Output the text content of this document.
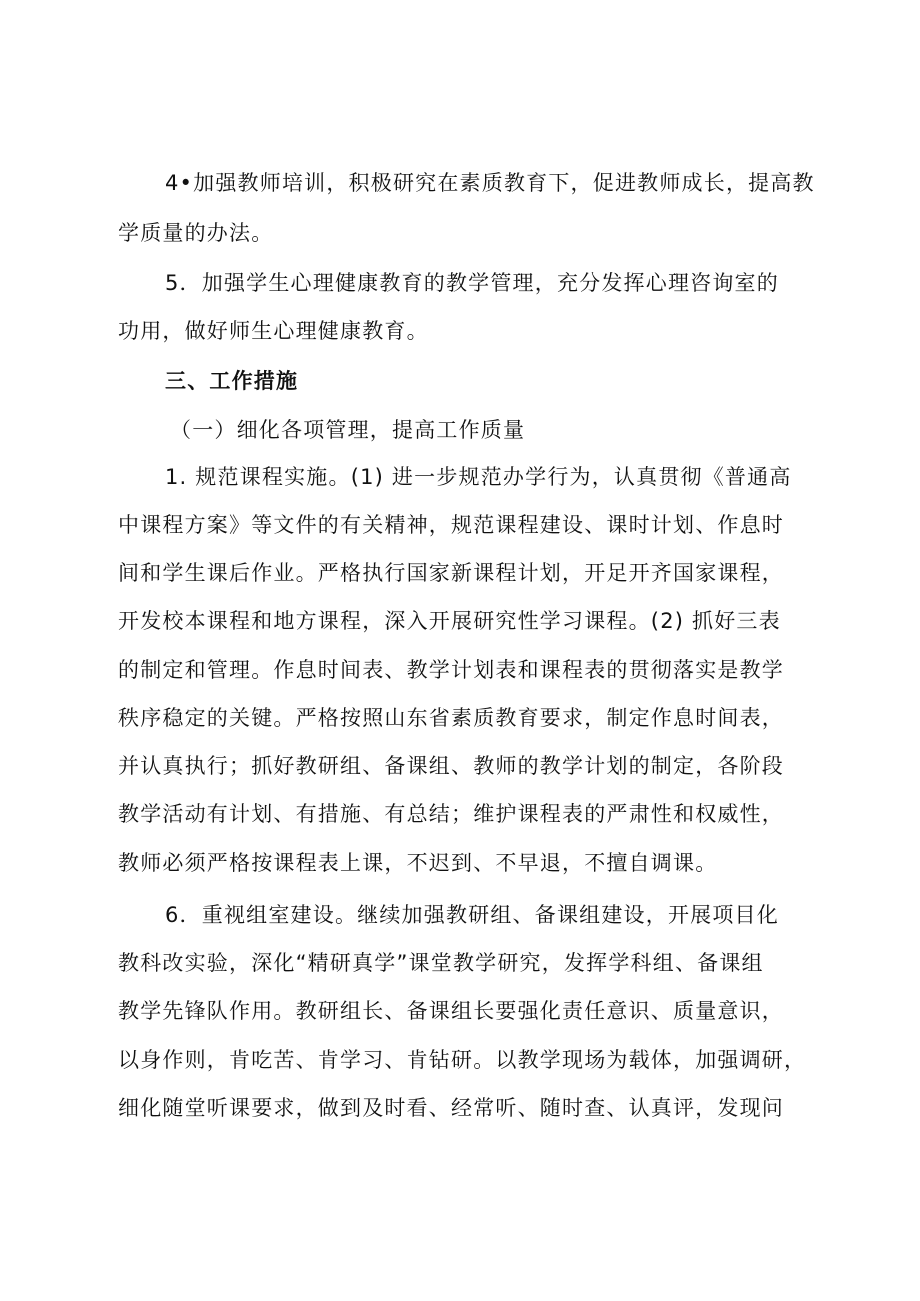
4•加强教师培训，积极研究在素质教育下，促进教师成长，提高教
学质量的办法。
5．加强学生心理健康教育的教学管理，充分发挥心理咨询室的
功用，做好师生心理健康教育。
三、工作措施
（一）细化各项管理，提高工作质量
1. 规范课程实施。(1) 进一步规范办学行为，认真贯彻《普通高
中课程方案》等文件的有关精神，规范课程建设、课时计划、作息时
间和学生课后作业。严格执行国家新课程计划，开足开齐国家课程，
开发校本课程和地方课程，深入开展研究性学习课程。(2) 抓好三表
的制定和管理。作息时间表、教学计划表和课程表的贯彻落实是教学
秩序稳定的关键。严格按照山东省素质教育要求，制定作息时间表，
并认真执行；抓好教研组、备课组、教师的教学计划的制定，各阶段
教学活动有计划、有措施、有总结；维护课程表的严肃性和权威性，
教师必须严格按课程表上课，不迟到、不早退，不擅自调课。
6．重视组室建设。继续加强教研组、备课组建设，开展项目化
教科改实验，深化“精研真学”课堂教学研究，发挥学科组、备课组
教学先锋队作用。教研组长、备课组长要强化责任意识、质量意识，
以身作则，肯吃苦、肯学习、肯钻研。以教学现场为载体，加强调研，
细化随堂听课要求，做到及时看、经常听、随时查、认真评，发现问
